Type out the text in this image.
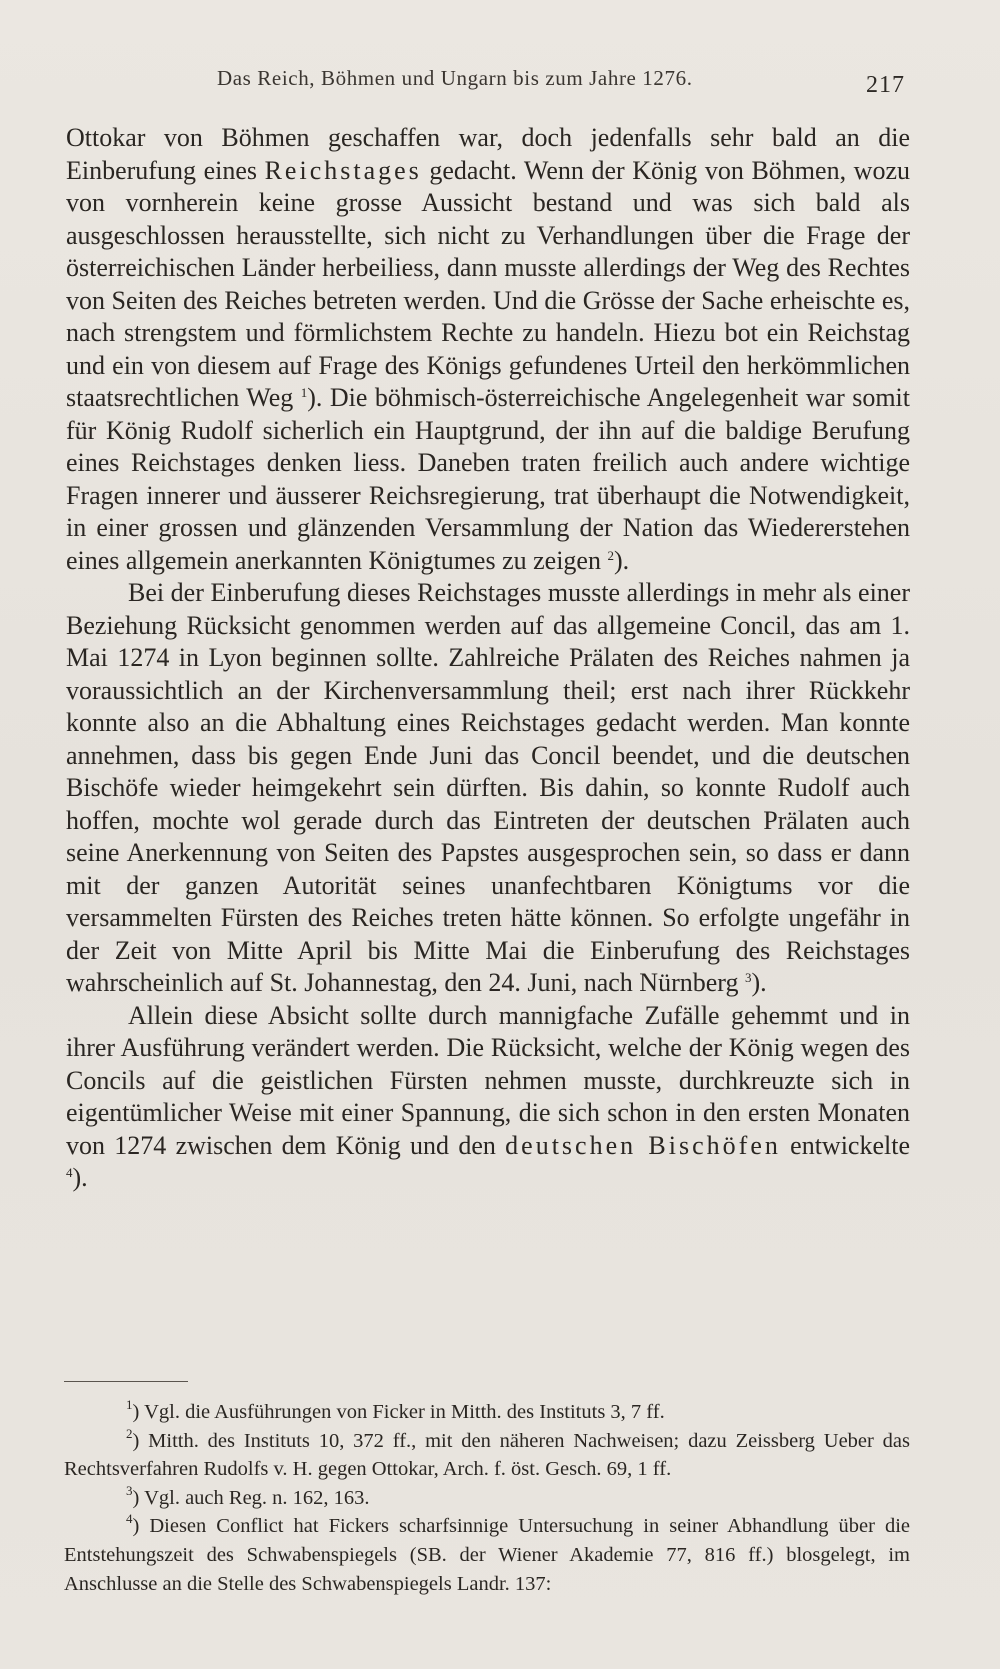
Das Reich, Böhmen und Ungarn bis zum Jahre 1276.	217

Ottokar von Böhmen geschaffen war, doch jedenfalls sehr bald an die Einberufung eines Reichstages gedacht. Wenn der König von Böhmen, wozu von vornherein keine grosse Aussicht bestand und was sich bald als ausgeschlossen herausstellte, sich nicht zu Verhandlungen über die Frage der österreichischen Länder herbeiliess, dann musste allerdings der Weg des Rechtes von Seiten des Reiches betreten werden. Und die Grösse der Sache erheischte es, nach strengstem und förmlichstem Rechte zu handeln. Hiezu bot ein Reichstag und ein von diesem auf Frage des Königs gefundenes Urteil den herkömmlichen staatsrechtlichen Weg $^1$). Die böhmisch-österreichische Angelegenheit war somit für König Rudolf sicherlich ein Hauptgrund, der ihn auf die baldige Berufung eines Reichstages denken liess. Daneben traten freilich auch andere wichtige Fragen innerer und äusserer Reichsregierung, trat überhaupt die Notwendigkeit, in einer grossen und glänzenden Versammlung der Nation das Wiedererstehen eines allgemein anerkannten Königtumes zu zeigen $^2$).

Bei der Einberufung dieses Reichstages musste allerdings in mehr als einer Beziehung Rücksicht genommen werden auf das allgemeine Concil, das am 1. Mai 1274 in Lyon beginnen sollte. Zahlreiche Prälaten des Reiches nahmen ja voraussichtlich an der Kirchenversammlung theil; erst nach ihrer Rückkehr konnte also an die Abhaltung eines Reichstages gedacht werden. Man konnte annehmen, dass bis gegen Ende Juni das Concil beendet, und die deutschen Bischöfe wieder heimgekehrt sein dürften. Bis dahin, so konnte Rudolf auch hoffen, mochte wol gerade durch das Eintreten der deutschen Prälaten auch seine Anerkennung von Seiten des Papstes ausgesprochen sein, so dass er dann mit der ganzen Autorität seines unanfechtbaren Königtums vor die versammelten Fürsten des Reiches treten hätte können. So erfolgte ungefähr in der Zeit von Mitte April bis Mitte Mai die Einberufung des Reichstages wahrscheinlich auf St. Johannestag, den 24. Juni, nach Nürnberg $^3$).

Allein diese Absicht sollte durch mannigfache Zufälle gehemmt und in ihrer Ausführung verändert werden. Die Rücksicht, welche der König wegen des Concils auf die geistlichen Fürsten nehmen musste, durchkreuzte sich in eigentümlicher Weise mit einer Spannung, die sich schon in den ersten Monaten von 1274 zwischen dem König und den deutschen Bischöfen entwickelte $^4$).

$^1$) Vgl. die Ausführungen von Ficker in Mitth. des Instituts 3, 7 ff.

$^2$) Mitth. des Instituts 10, 372 ff., mit den näheren Nachweisen; dazu Zeissberg Ueber das Rechtsverfahren Rudolfs v. H. gegen Ottokar, Arch. f. öst. Gesch. 69, 1 ff.

$^3$) Vgl. auch Reg. n. 162, 163.

$^4$) Diesen Conflict hat Fickers scharfsinnige Untersuchung in seiner Abhandlung über die Entstehungszeit des Schwabenspiegels (SB. der Wiener Akademie 77, 816 ff.) blosgelegt, im Anschlusse an die Stelle des Schwabenspiegels Landr. 137:
